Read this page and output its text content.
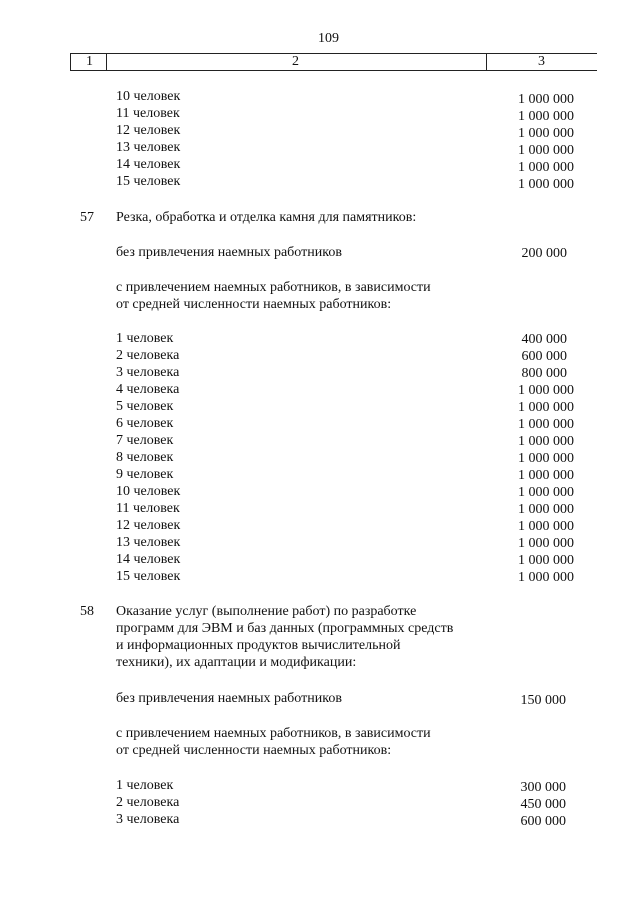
109
1	2	3
10 человек	1 000 000
11 человек	1 000 000
12 человек	1 000 000
13 человек	1 000 000
14 человек	1 000 000
15 человек	1 000 000
57 Резка, обработка и отделка камня для памятников:
без привлечения наемных работников	200 000
с привлечением наемных работников, в зависимости
от средней численности наемных работников:
1 человек	400 000
2 человека	600 000
3 человека	800 000
4 человека	1 000 000
5 человек	1 000 000
6 человек	1 000 000
7 человек	1 000 000
8 человек	1 000 000
9 человек	1 000 000
10 человек	1 000 000
11 человек	1 000 000
12 человек	1 000 000
13 человек	1 000 000
14 человек	1 000 000
15 человек	1 000 000
58 Оказание услуг (выполнение работ) по разработке
программ для ЭВМ и баз данных (программных средств
и информационных продуктов вычислительной
техники), их адаптации и модификации:
без привлечения наемных работников	150 000
с привлечением наемных работников, в зависимости
от средней численности наемных работников:
1 человек	300 000
2 человека	450 000
3 человека	600 000
